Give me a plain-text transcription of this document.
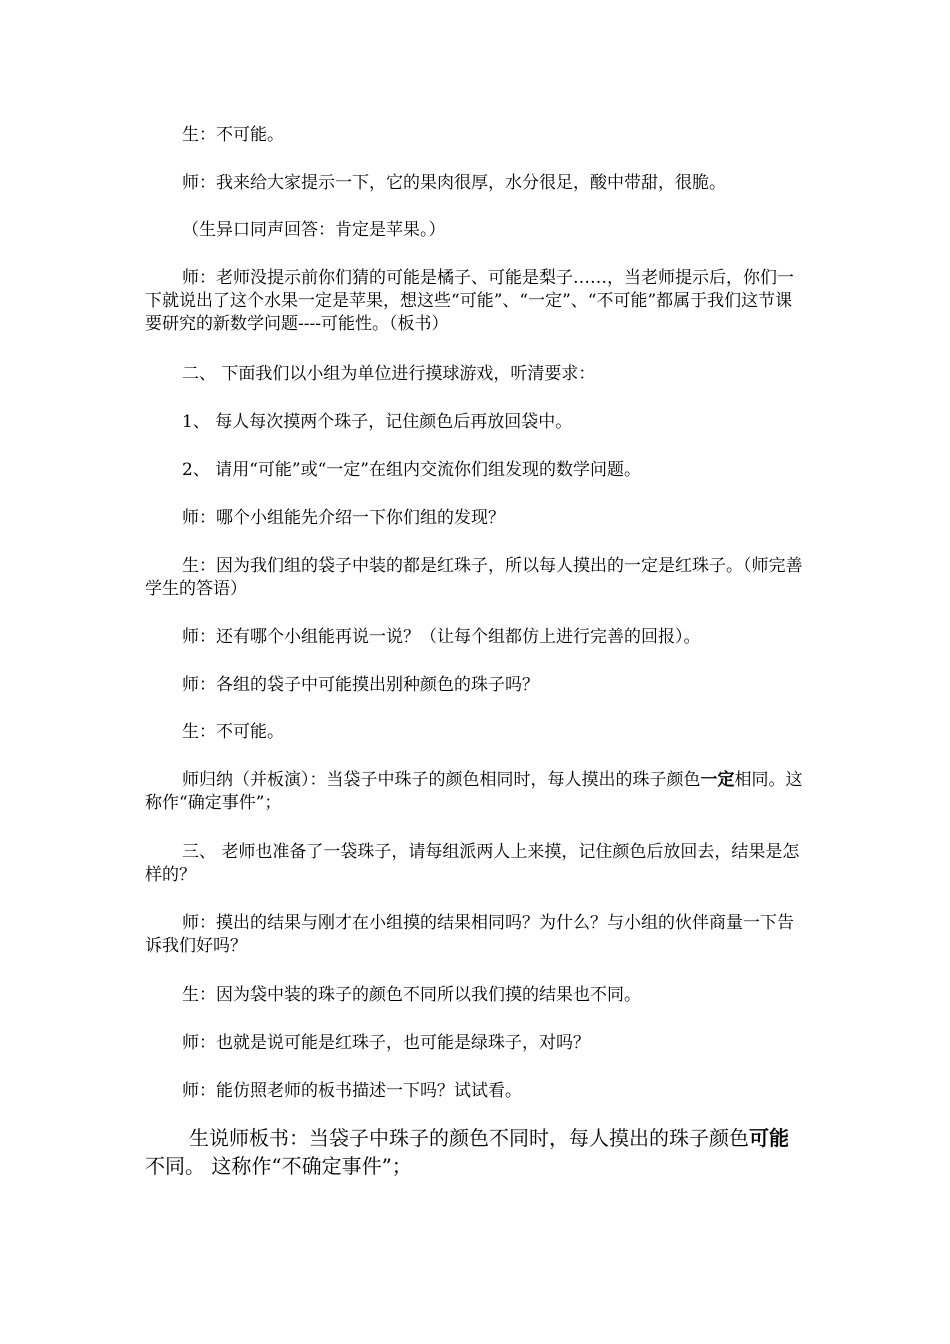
生：不可能。

师：我来给大家提示一下，它的果肉很厚，水分很足，酸中带甜，很脆。

（生异口同声回答：肯定是苹果。）

师：老师没提示前你们猜的可能是橘子、可能是梨子……，当老师提示后，你们一下就说出了这个水果一定是苹果，想这些“可能”、“一定”、“不可能”都属于我们这节课要研究的新数学问题----可能性。（板书）

二、 下面我们以小组为单位进行摸球游戏，听清要求：

1、 每人每次摸两个珠子，记住颜色后再放回袋中。

2、 请用“可能”或“一定”在组内交流你们组发现的数学问题。

师：哪个小组能先介绍一下你们组的发现？

生：因为我们组的袋子中装的都是红珠子，所以每人摸出的一定是红珠子。（师完善学生的答语）

师：还有哪个小组能再说一说？（让每个组都仿上进行完善的回报）。

师：各组的袋子中可能摸出别种颜色的珠子吗？

生：不可能。

师归纳（并板演）：当袋子中珠子的颜色相同时，每人摸出的珠子颜色一定相同。这称作“确定事件”；

三、 老师也准备了一袋珠子，请每组派两人上来摸，记住颜色后放回去，结果是怎样的？

师：摸出的结果与刚才在小组摸的结果相同吗？为什么？与小组的伙伴商量一下告诉我们好吗？

生：因为袋中装的珠子的颜色不同所以我们摸的结果也不同。

师：也就是说可能是红珠子，也可能是绿珠子，对吗？

师：能仿照老师的板书描述一下吗？试试看。

生说师板书：当袋子中珠子的颜色不同时，每人摸出的珠子颜色可能不同。 这称作“不确定事件”；
